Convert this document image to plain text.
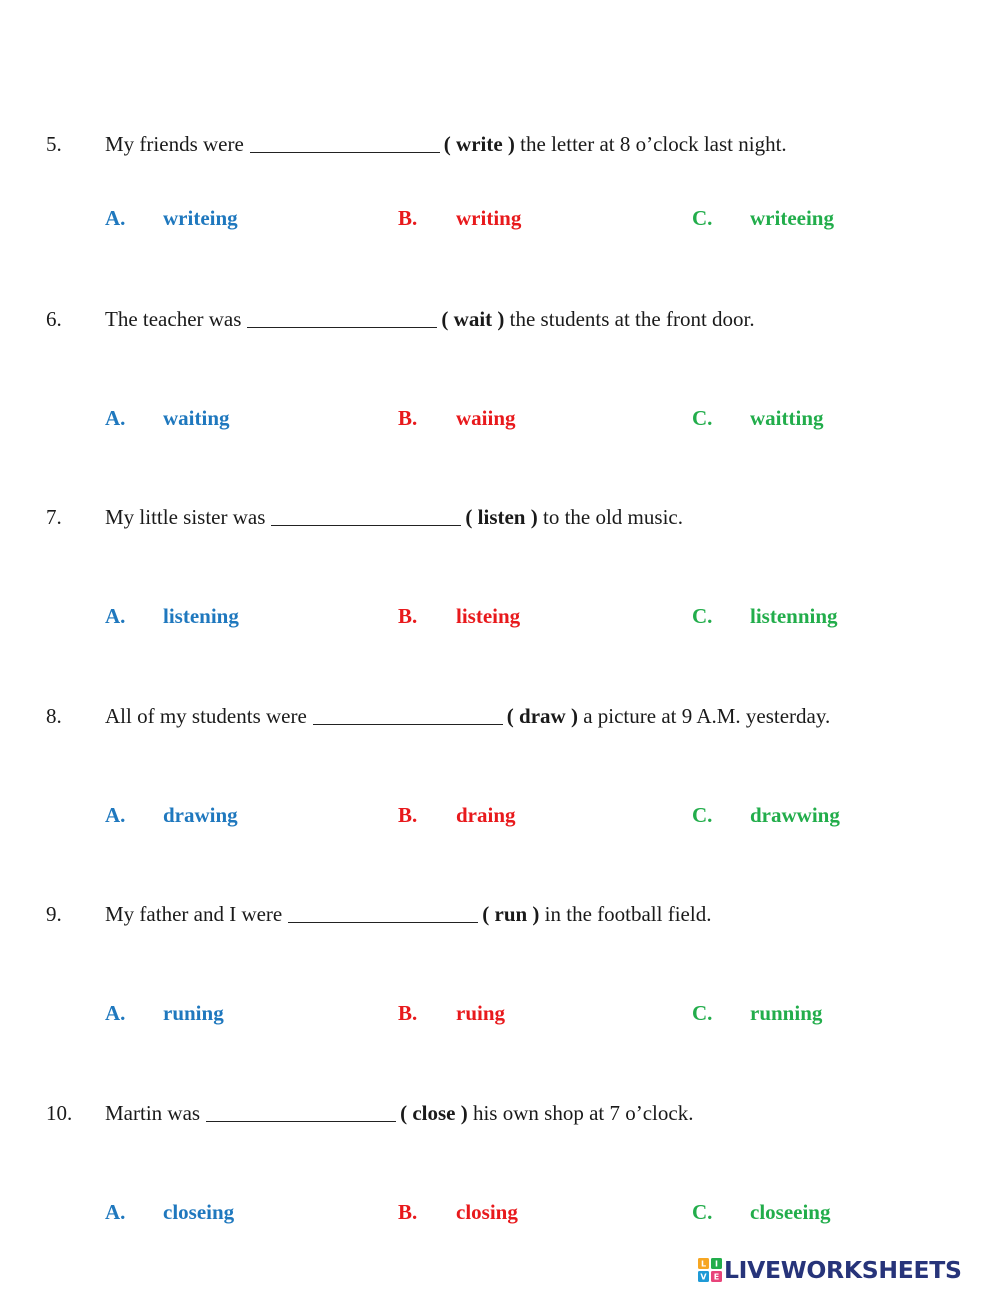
5. My friends were	( write ) the letter at 8 o’clock last night.
A. writeing	B. writing	C. writeeing
6. The teacher was	( wait ) the students at the front door.
A. waiting	B. waiing	C. waitting
7. My little sister was	( listen ) to the old music.
A. listening	B. listeing	C. listenning
8. All of my students were	( draw ) a picture at 9 A.M. yesterday.
A. drawing	B. draing	C. drawwing
9. My father and I were	( run ) in the football field.
A. runing	B. ruing	C. running
10. Martin was	( close ) his own shop at 7 o’clock.
A. closeing	B. closing	C. closeeing
L I
V E LIVEWORKSHEETS
